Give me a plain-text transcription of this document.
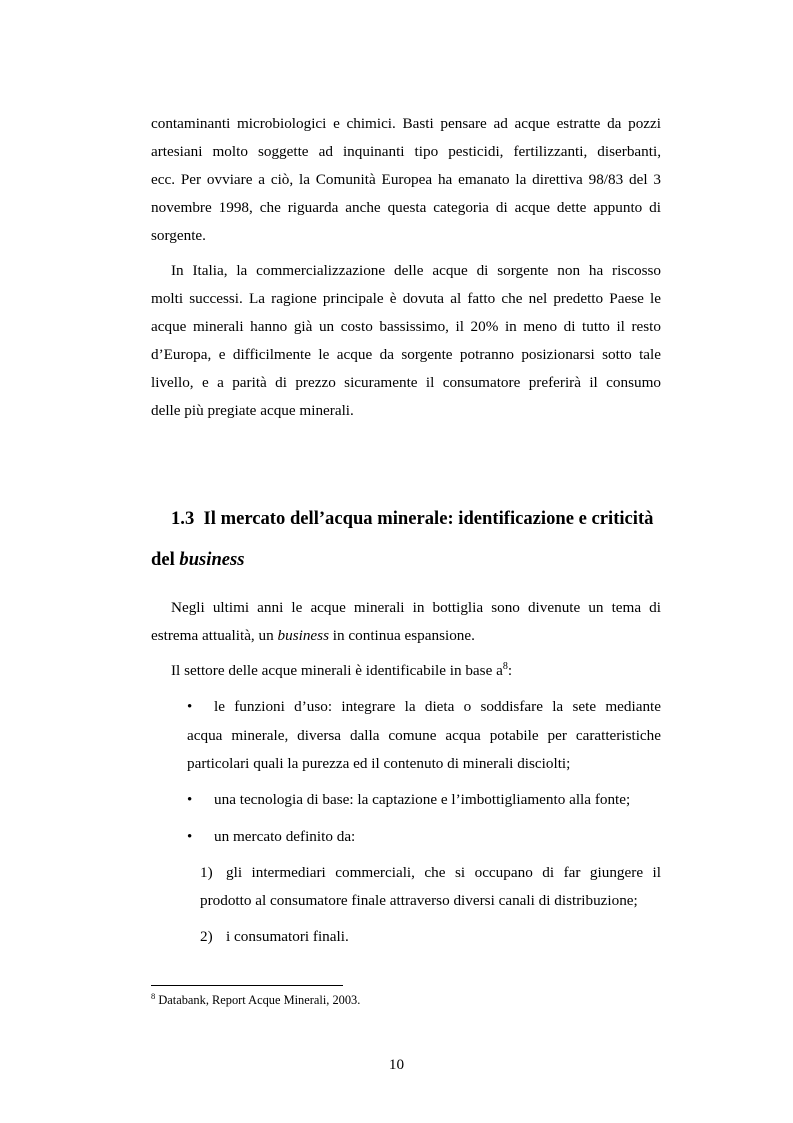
contaminanti microbiologici e chimici. Basti pensare ad acque estratte da pozzi
artesiani molto soggette ad inquinanti tipo pesticidi, fertilizzanti, diserbanti,
ecc. Per ovviare a ciò, la Comunità Europea ha emanato la direttiva 98/83 del 3
novembre 1998, che riguarda anche questa categoria di acque dette appunto di
sorgente.
In Italia, la commercializzazione delle acque di sorgente non ha riscosso
molti successi. La ragione principale è dovuta al fatto che nel predetto Paese le
acque minerali hanno già un costo bassissimo, il 20% in meno di tutto il resto
d’Europa, e difficilmente le acque da sorgente potranno posizionarsi sotto tale
livello, e a parità di prezzo sicuramente il consumatore preferirà il consumo
delle più pregiate acque minerali.
1.3 Il mercato dell’acqua minerale: identificazione e criticità
del business
Negli ultimi anni le acque minerali in bottiglia sono divenute un tema di
estrema attualità, un business in continua espansione.
Il settore delle acque minerali è identificabile in base $a^8$:
• le funzioni d’uso: integrare la dieta o soddisfare la sete mediante
acqua minerale, diversa dalla comune acqua potabile per caratteristiche
particolari quali la purezza ed il contenuto di minerali disciolti;
• una tecnologia di base: la captazione e l’imbottigliamento alla fonte;
• un mercato definito da:
1) gli intermediari commerciali, che si occupano di far giungere il
prodotto al consumatore finale attraverso diversi canali di distribuzione;
2) i consumatori finali.
$^8$ Databank, Report Acque Minerali, 2003.
10
